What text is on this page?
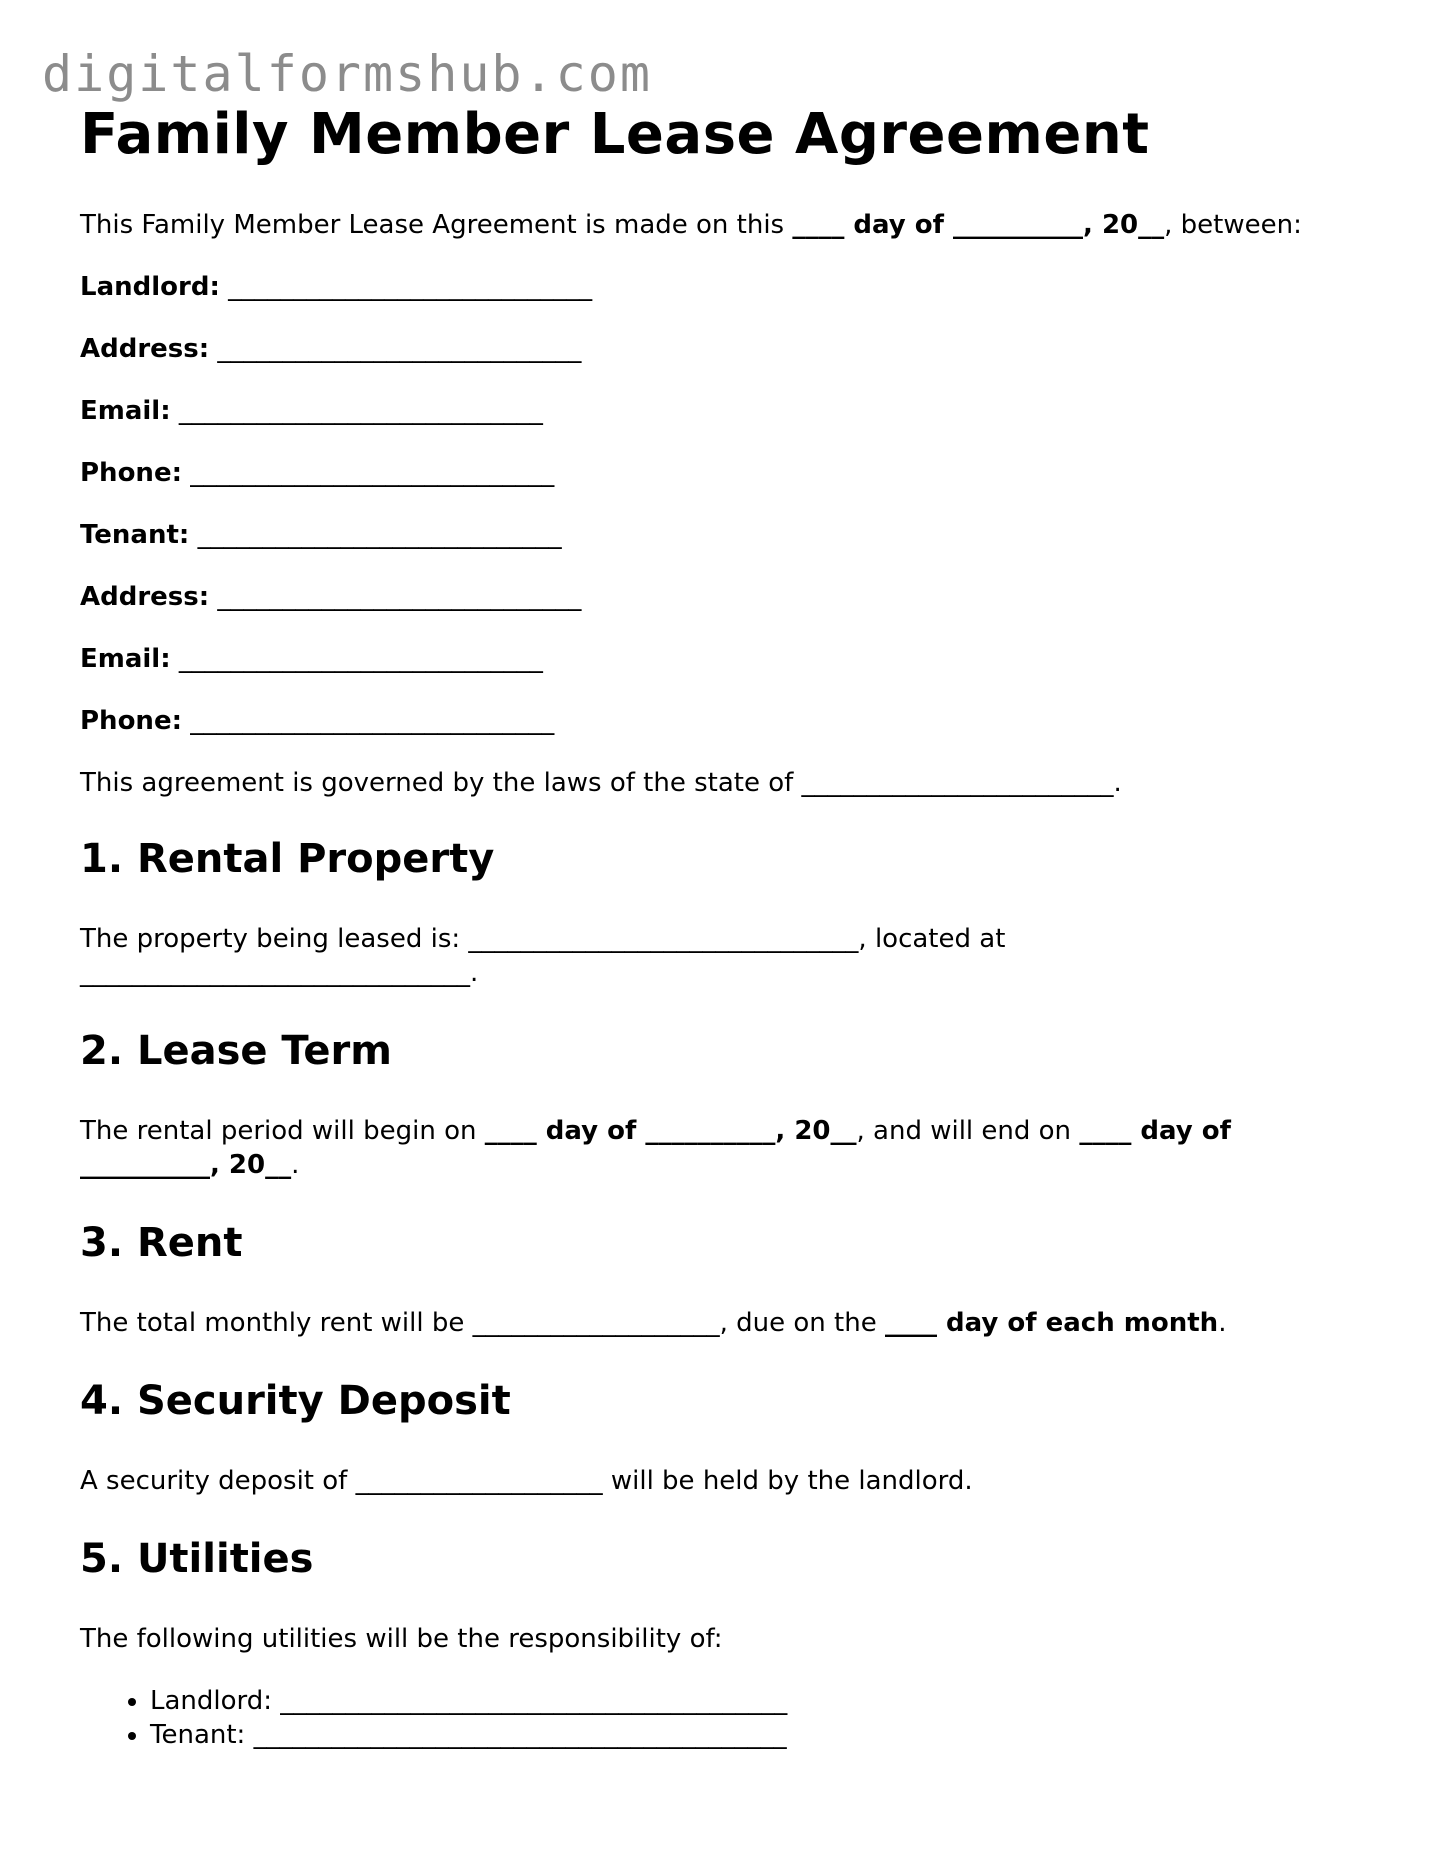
digitalformshub.com
Family Member Lease Agreement

This Family Member Lease Agreement is made on this ____ day of __________, 20__, between:

Landlord: ____________________________
Address: ____________________________
Email: ____________________________
Phone: ____________________________
Tenant: ____________________________
Address: ____________________________
Email: ____________________________
Phone: ____________________________

This agreement is governed by the laws of the state of ________________________.

1. Rental Property

The property being leased is: ______________________________, located at ______________________________.

2. Lease Term

The rental period will begin on ____ day of __________, 20__, and will end on ____ day of __________, 20__.

3. Rent

The total monthly rent will be ___________________, due on the ____ day of each month.

4. Security Deposit

A security deposit of ___________________ will be held by the landlord.

5. Utilities

The following utilities will be the responsibility of:

• Landlord: _______________________________________
• Tenant: _________________________________________
